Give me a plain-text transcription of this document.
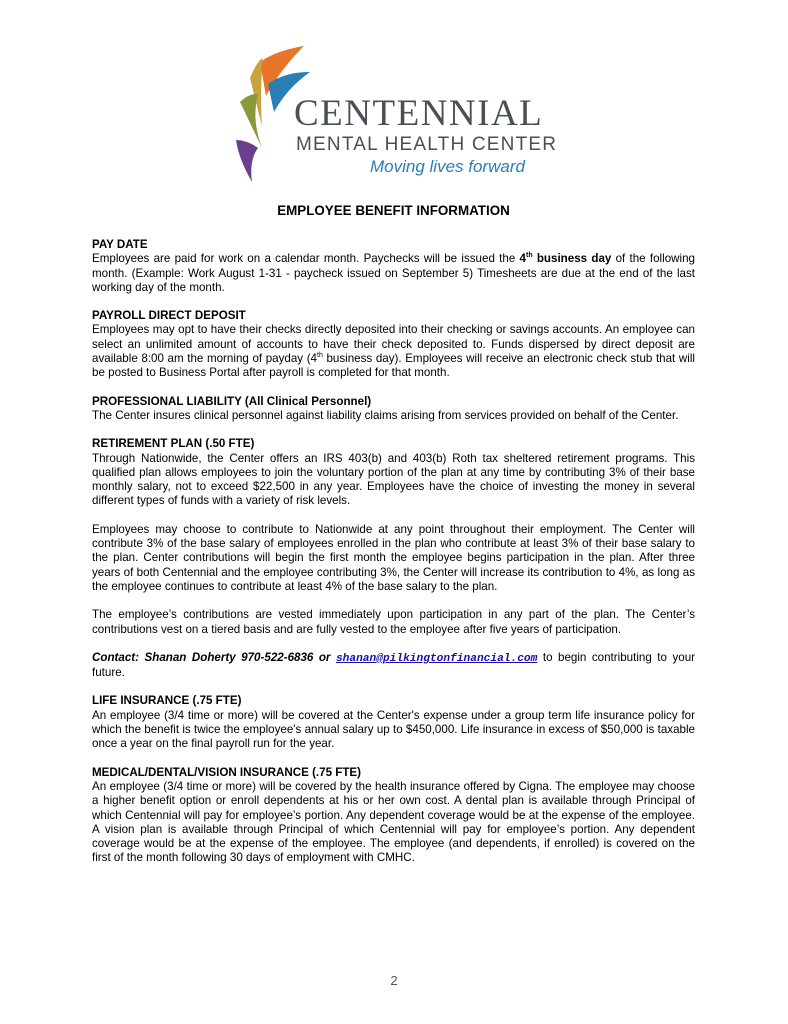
CENTENNIAL
MENTAL HEALTH CENTER
Moving lives forward
EMPLOYEE BENEFIT INFORMATION
PAY DATE

Employees are paid for work on a calendar month. Paychecks will be issued the 4th business day of the following month. (Example: Work August 1-31 - paycheck issued on September 5) Timesheets are due at the end of the last working day of the month.

PAYROLL DIRECT DEPOSIT

Employees may opt to have their checks directly deposited into their checking or savings accounts. An employee can select an unlimited amount of accounts to have their check deposited to. Funds dispersed by direct deposit are available 8:00 am the morning of payday (4th business day). Employees will receive an electronic check stub that will be posted to Business Portal after payroll is completed for that month.

PROFESSIONAL LIABILITY (All Clinical Personnel)

The Center insures clinical personnel against liability claims arising from services provided on behalf of the Center.

RETIREMENT PLAN (.50 FTE)

Through Nationwide, the Center offers an IRS 403(b) and 403(b) Roth tax sheltered retirement programs. This qualified plan allows employees to join the voluntary portion of the plan at any time by contributing 3% of their base monthly salary, not to exceed $22,500 in any year. Employees have the choice of investing the money in several different types of funds with a variety of risk levels.

Employees may choose to contribute to Nationwide at any point throughout their employment. The Center will contribute 3% of the base salary of employees enrolled in the plan who contribute at least 3% of their base salary to the plan. Center contributions will begin the first month the employee begins participation in the plan. After three years of both Centennial and the employee contributing 3%, the Center will increase its contribution to 4%, as long as the employee continues to contribute at least 4% of the base salary to the plan.

The employee’s contributions are vested immediately upon participation in any part of the plan. The Center’s contributions vest on a tiered basis and are fully vested to the employee after five years of participation.

Contact: Shanan Doherty 970-522-6836 or shanan@pilkingtonfinancial.com to begin contributing to your future.

LIFE INSURANCE (.75 FTE)

An employee (3/4 time or more) will be covered at the Center's expense under a group term life insurance policy for which the benefit is twice the employee's annual salary up to $450,000. Life insurance in excess of $50,000 is taxable once a year on the final payroll run for the year.

MEDICAL/DENTAL/VISION INSURANCE (.75 FTE)

An employee (3/4 time or more) will be covered by the health insurance offered by Cigna. The employee may choose a higher benefit option or enroll dependents at his or her own cost. A dental plan is available through Principal of which Centennial will pay for employee’s portion. Any dependent coverage would be at the expense of the employee. A vision plan is available through Principal of which Centennial will pay for employee’s portion. Any dependent coverage would be at the expense of the employee. The employee (and dependents, if enrolled) is covered on the first of the month following 30 days of employment with CMHC.

2
